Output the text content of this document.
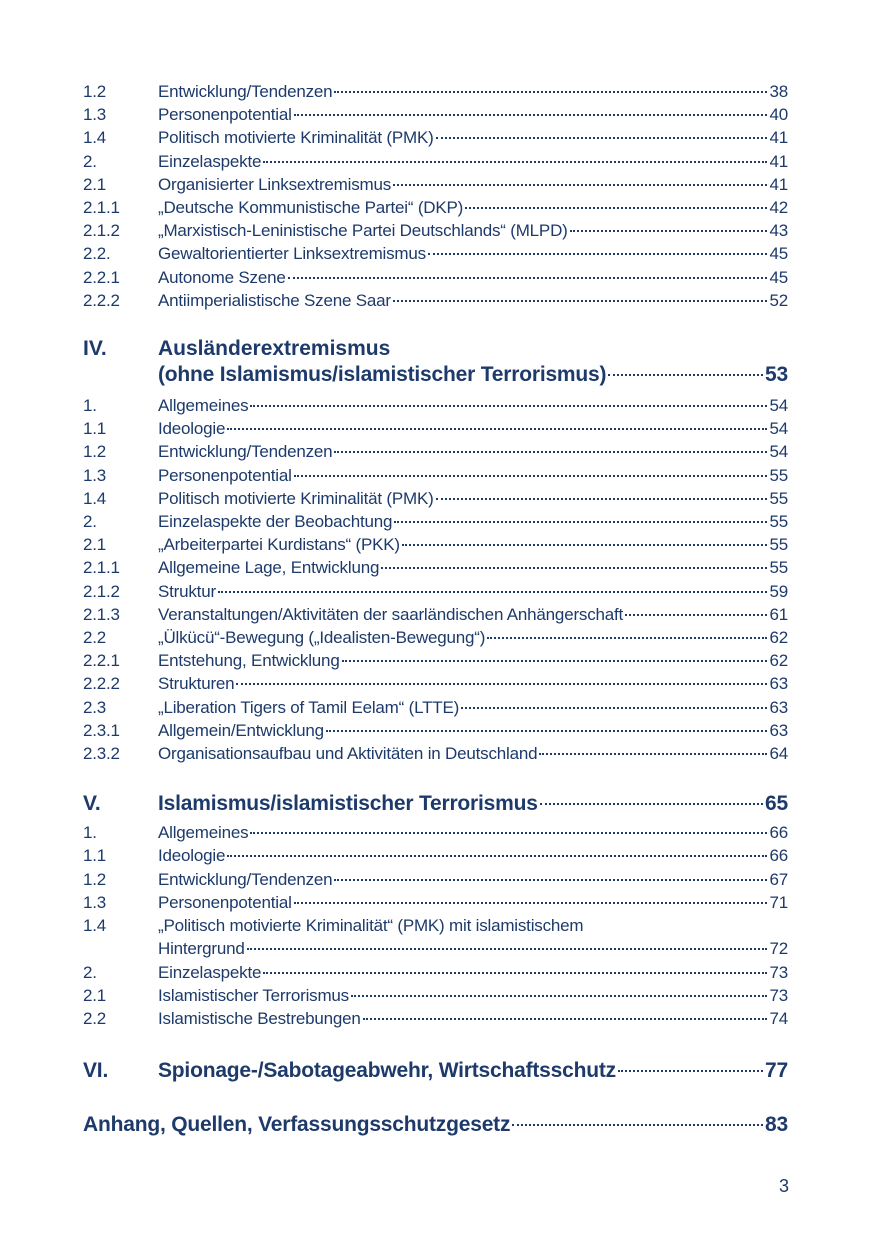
1.2	Entwicklung/Tendenzen	38
1.3	Personenpotential	40
1.4	Politisch motivierte Kriminalität (PMK)	41
2.	Einzelaspekte	41
2.1	Organisierter Linksextremismus	41
2.1.1	„Deutsche Kommunistische Partei“ (DKP)	42
2.1.2	„Marxistisch-Leninistische Partei Deutschlands“ (MLPD)	43
2.2.	Gewaltorientierter Linksextremismus	45
2.2.1	Autonome Szene	45
2.2.2	Antiimperialistische Szene Saar	52
IV.	Ausländerextremismus
(ohne Islamismus/islamistischer Terrorismus)	53
1.	Allgemeines	54
1.1	Ideologie	54
1.2	Entwicklung/Tendenzen	54
1.3	Personenpotential	55
1.4	Politisch motivierte Kriminalität (PMK)	55
2.	Einzelaspekte der Beobachtung	55
2.1	„Arbeiterpartei Kurdistans“ (PKK)	55
2.1.1	Allgemeine Lage, Entwicklung	55
2.1.2	Struktur	59
2.1.3	Veranstaltungen/Aktivitäten der saarländischen Anhängerschaft	61
2.2	„Ülkücü“-Bewegung („Idealisten-Bewegung“)	62
2.2.1	Entstehung, Entwicklung	62
2.2.2	Strukturen	63
2.3	„Liberation Tigers of Tamil Eelam“ (LTTE)	63
2.3.1	Allgemein/Entwicklung	63
2.3.2	Organisationsaufbau und Aktivitäten in Deutschland	64
V.	Islamismus/islamistischer Terrorismus	65
1.	Allgemeines	66
1.1	Ideologie	66
1.2	Entwicklung/Tendenzen	67
1.3	Personenpotential	71
1.4	„Politisch motivierte Kriminalität“ (PMK) mit islamistischem
Hintergrund	72
2.	Einzelaspekte	73
2.1	Islamistischer Terrorismus	73
2.2	Islamistische Bestrebungen	74
VI.	Spionage-/Sabotageabwehr, Wirtschaftsschutz	77
Anhang, Quellen, Verfassungsschutzgesetz	83
3
